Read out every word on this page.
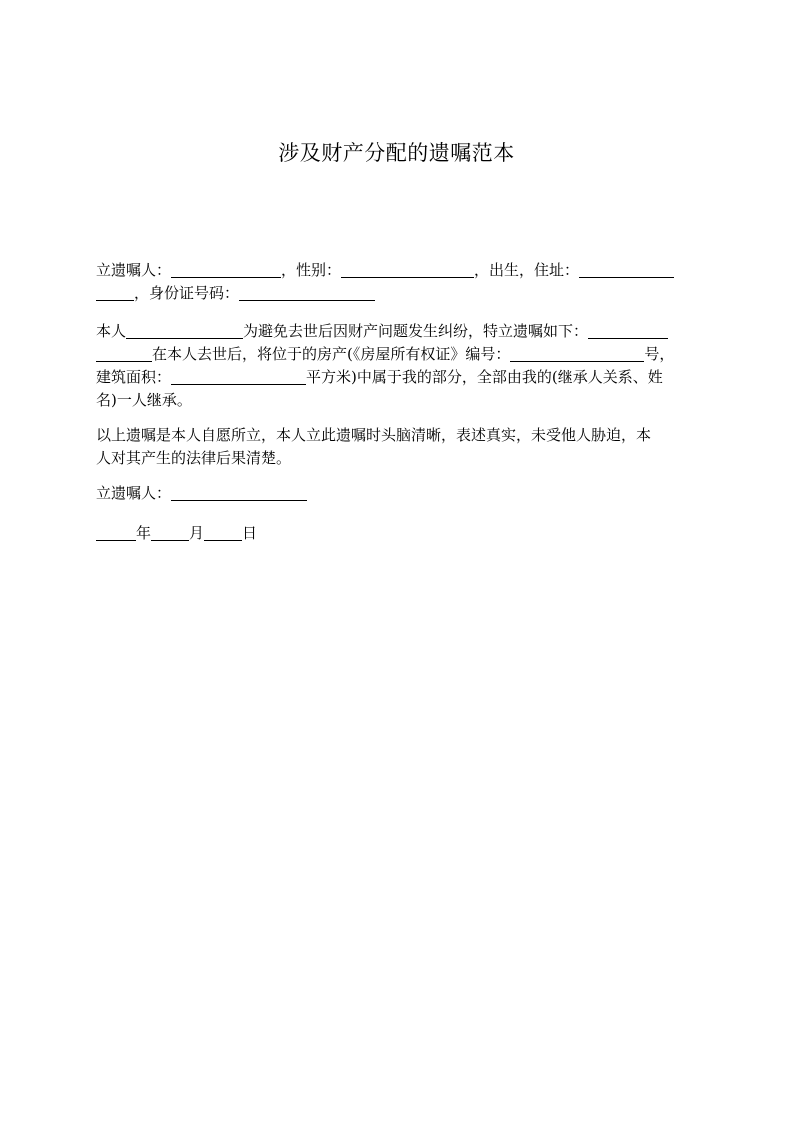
涉及财产分配的遗嘱范本
立遗嘱人：	，性别：	，出生，住址：
，身份证号码：
本人	为避免去世后因财产问题发生纠纷，特立遗嘱如下：
在本人去世后，将位于的房产(《房屋所有权证》编号：	号，
建筑面积：	平方米)中属于我的部分，全部由我的(继承人关系、姓
名)一人继承。
以上遗嘱是本人自愿所立，本人立此遗嘱时头脑清晰，表述真实，未受他人胁迫，本
人对其产生的法律后果清楚。
立遗嘱人：
年	月	日
